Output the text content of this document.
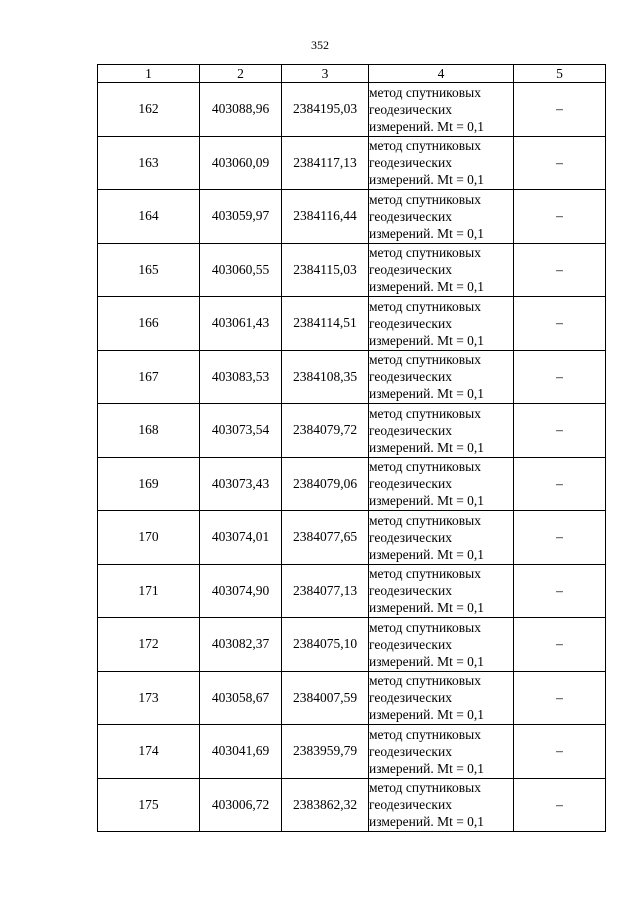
352
1	2	3	4	5
162	403088,96	2384195,03	метод спутниковых
геодезических
измерений. Mt = 0,1	–
163	403060,09	2384117,13	метод спутниковых
геодезических
измерений. Mt = 0,1	–
164	403059,97	2384116,44	метод спутниковых
геодезических
измерений. Mt = 0,1	–
165	403060,55	2384115,03	метод спутниковых
геодезических
измерений. Mt = 0,1	–
166	403061,43	2384114,51	метод спутниковых
геодезических
измерений. Mt = 0,1	–
167	403083,53	2384108,35	метод спутниковых
геодезических
измерений. Mt = 0,1	–
168	403073,54	2384079,72	метод спутниковых
геодезических
измерений. Mt = 0,1	–
169	403073,43	2384079,06	метод спутниковых
геодезических
измерений. Mt = 0,1	–
170	403074,01	2384077,65	метод спутниковых
геодезических
измерений. Mt = 0,1	–
171	403074,90	2384077,13	метод спутниковых
геодезических
измерений. Mt = 0,1	–
172	403082,37	2384075,10	метод спутниковых
геодезических
измерений. Mt = 0,1	–
173	403058,67	2384007,59	метод спутниковых
геодезических
измерений. Mt = 0,1	–
174	403041,69	2383959,79	метод спутниковых
геодезических
измерений. Mt = 0,1	–
175	403006,72	2383862,32	метод спутниковых
геодезических
измерений. Mt = 0,1	–
